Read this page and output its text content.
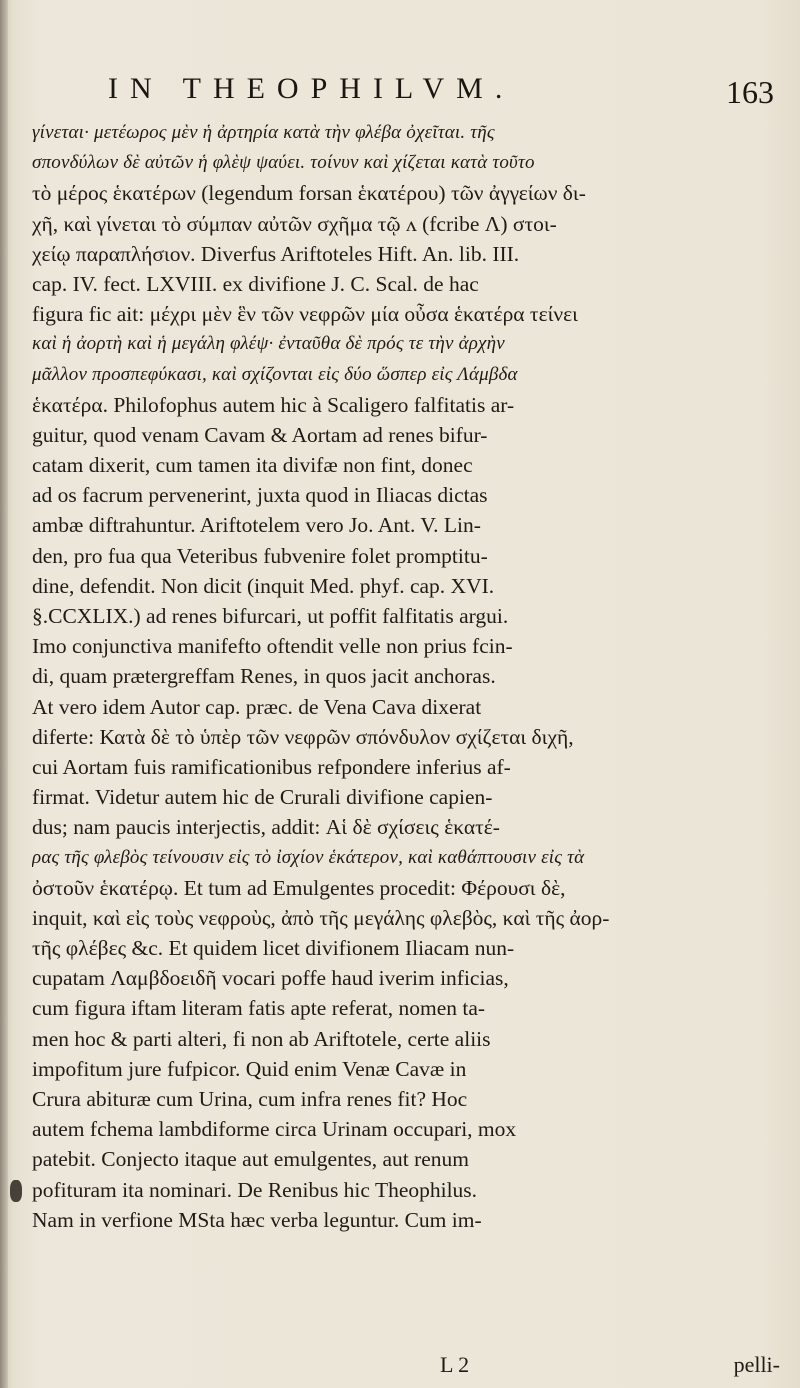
IN THEOPHILVM.	163
γίνεται· μετέωρος μὲν ἡ ἀρτηρία κατὰ τὴν φλέβα ὀχεῖται. τῆς
σπονδύλων δὲ αὐτῶν ἡ φλὲψ ψαύει. τοίνυν καὶ χίζεται κατὰ τοῦτο
τὸ μέρος ἑκατέρων (legendum forsan ἑκατέρου) τῶν ἀγγείων δι-
χῆ, καὶ γίνεται τὸ σύμπαν αὐτῶν σχῆμα τῷ ʌ (fcribe Λ) στοι-
χείῳ παραπλήσιον. Diverfus Ariftoteles Hift. An. lib. III.
cap. IV. fect. LXVIII. ex divifione J. C. Scal. de hac
figura fic ait: μέχρι μὲν ἓν τῶν νεφρῶν μία οὖσα ἑκατέρα τείνει
καὶ ἡ ἀορτὴ καὶ ἡ μεγάλη φλέψ· ἐνταῦθα δὲ πρός τε τὴν ἀρχὴν
μᾶλλον προσπεφύκασι, καὶ σχίζονται εἰς δύο ὥσπερ εἰς Λάμβδα
ἑκατέρα. Philofophus autem hic à Scaligero falfitatis ar-
guitur, quod venam Cavam & Aortam ad renes bifur-
catam dixerit, cum tamen ita divifæ non fint, donec
ad os facrum pervenerint, juxta quod in Iliacas dictas
ambæ diftrahuntur. Ariftotelem vero Jo. Ant. V. Lin-
den, pro fua qua Veteribus fubvenire folet promptitu-
dine, defendit. Non dicit (inquit Med. phyf. cap. XVI.
§.CCXLIX.) ad renes bifurcari, ut poffit falfitatis argui.
Imo conjunctiva manifefto oftendit velle non prius fcin-
di, quam prætergreffam Renes, in quos jacit anchoras.
At vero idem Autor cap. præc. de Vena Cava dixerat
diferte: Κατὰ δὲ τὸ ὑπὲρ τῶν νεφρῶν σπόνδυλον σχίζεται διχῆ,
cui Aortam fuis ramificationibus refpondere inferius af-
firmat. Videtur autem hic de Crurali divifione capien-
dus; nam paucis interjectis, addit: Αἱ δὲ σχίσεις ἑκατέ-
ρας τῆς φλεβὸς τείνουσιν εἰς τὸ ἰσχίον ἑκάτερον, καὶ καθάπτουσιν εἰς τὰ
ὀστοῦν ἑκατέρῳ. Et tum ad Emulgentes procedit: Φέρουσι δὲ,
inquit, καὶ εἰς τοὺς νεφροὺς, ἀπὸ τῆς μεγάλης φλεβὸς, καὶ τῆς ἀορ-
τῆς φλέβες &c. Et quidem licet divifionem Iliacam nun-
cupatam Λαμβδοειδῆ vocari poffe haud iverim inficias,
cum figura iftam literam fatis apte referat, nomen ta-
men hoc & parti alteri, fi non ab Ariftotele, certe aliis
impofitum jure fufpicor. Quid enim Venæ Cavæ in
Crura abituræ cum Urina, cum infra renes fit? Hoc
autem fchema lambdiforme circa Urinam occupari, mox
patebit. Conjecto itaque aut emulgentes, aut renum
pofituram ita nominari. De Renibus hic Theophilus.
Nam in verfione MSta hæc verba leguntur. Cum im-
L 2	pelli-
